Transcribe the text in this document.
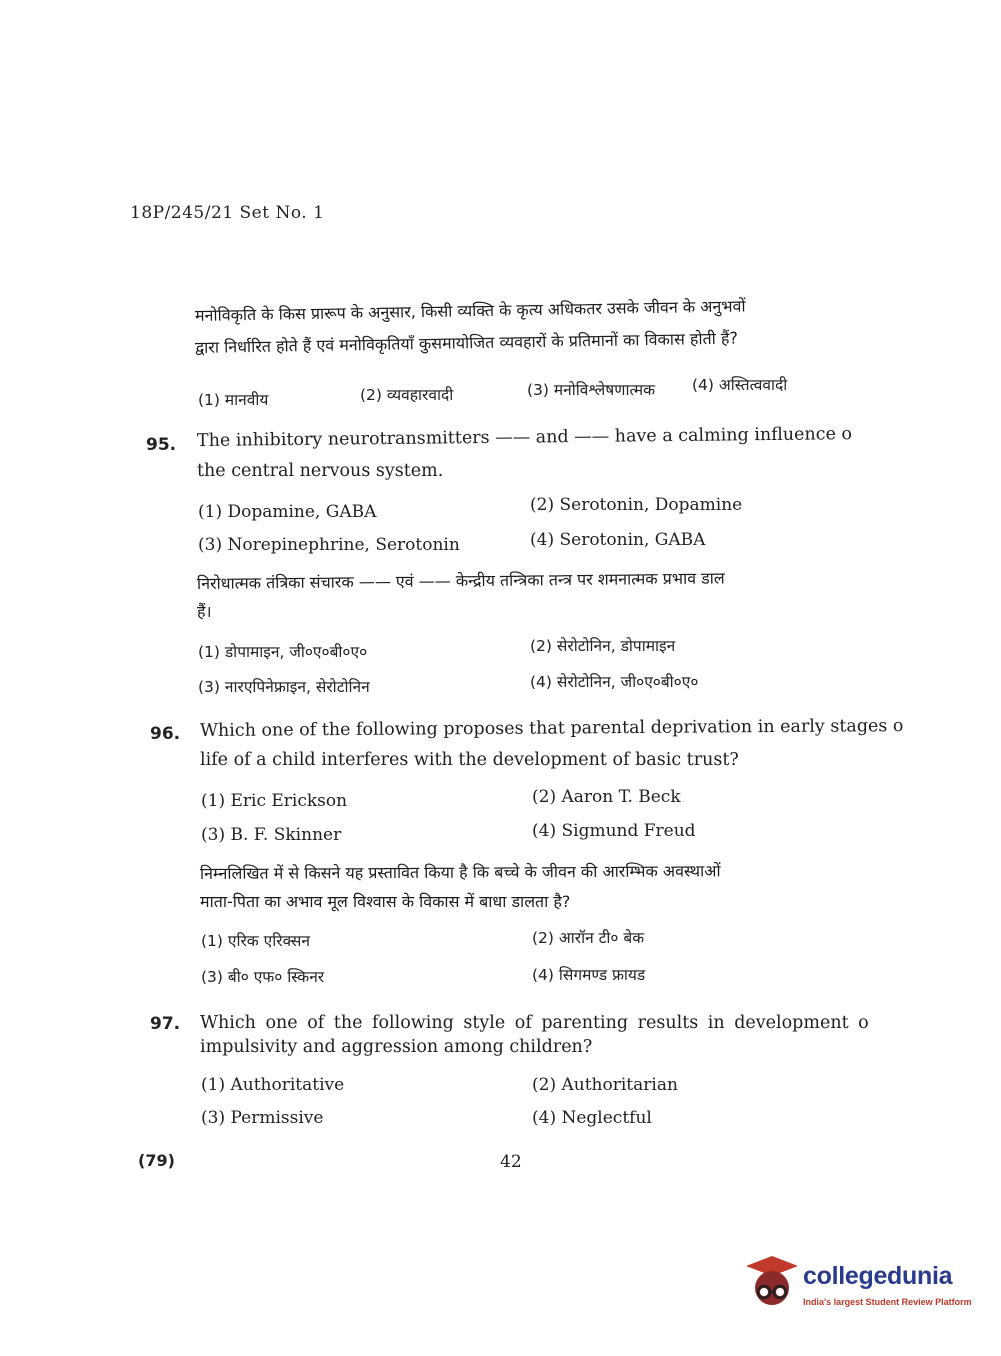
18P/245/21 Set No. 1
मनोविकृति के किस प्रारूप के अनुसार, किसी व्यक्ति के कृत्य अधिकतर उसके जीवन के अनुभवों
द्वारा निर्धारित होते हैं एवं मनोविकृतियाँ कुसमायोजित व्यवहारों के प्रतिमानों का विकास होती हैं?
(1) मानवीय	(2) व्यवहारवादी	(3) मनोविश्लेषणात्मक (4) अस्तित्ववादी
95. The inhibitory neurotransmitters —— and —— have a calming influence o
the central nervous system.
(1) Dopamine, GABA	(2) Serotonin, Dopamine
(3) Norepinephrine, Serotonin	(4) Serotonin, GABA
निरोधात्मक तंत्रिका संचारक —— एवं —— केन्द्रीय तन्त्रिका तन्त्र पर शमनात्मक प्रभाव डाल
हैं।
(1) डोपामाइन, जी०ए०बी०ए०	(2) सेरोटोनिन, डोपामाइन
(3) नारएपिनेफ्राइन, सेरोटोनिन	(4) सेरोटोनिन, जी०ए०बी०ए०
96. Which one of the following proposes that parental deprivation in early stages o
life of a child interferes with the development of basic trust?
(1) Eric Erickson	(2) Aaron T. Beck
(3) B. F. Skinner	(4) Sigmund Freud
निम्नलिखित में से किसने यह प्रस्तावित किया है कि बच्चे के जीवन की आरम्भिक अवस्थाओं
माता-पिता का अभाव मूल विश्वास के विकास में बाधा डालता है?
(1) एरिक एरिक्सन	(2) आरॉन टी० बेक
(3) बी० एफ० स्किनर	(4) सिगमण्ड फ्रायड
97. Which one of the following style of parenting results in development o
impulsivity and aggression among children?
(1) Authoritative	(2) Authoritarian
(3) Permissive	(4) Neglectful
(79)	42
collegedunia
India's largest Student Review Platform
